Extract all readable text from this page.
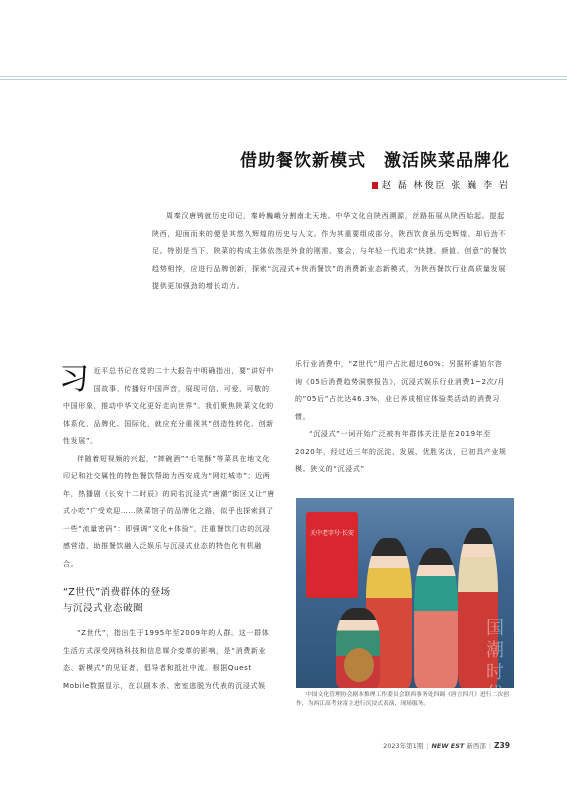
借助餐饮新模式　激活陕菜品牌化
赵 磊 林俊臣 张 巍 李 岩
周秦汉唐铸就历史印记，秦岭巍峨分割南北天地。中华文化自陕西溯源，丝路拓展从陕西始起。提起陕西，迎面而来的便是其悠久辉煌的历史与人文。作为其重要组成部分，陕西饮食虽历史辉煌，却后劲不足。特别是当下，陕菜的构成主体依然是外食的刚需、宴会，与年轻一代追求“快捷、颜值、创意”的餐饮趋势相悖，应进行品牌创新，探索“沉浸式+快消餐饮”的消费新业态新模式，为陕西餐饮行业高质量发展提供更加强劲的增长动力。

习近平总书记在党的二十大报告中明确指出，要“讲好中国故事、传播好中国声音，展现可信、可爱、可敬的中国形象，推动中华文化更好走向世界”。我们聚焦陕菜文化的体系化、品牌化、国际化，就应充分重视其“创造性转化、创新性发展”。

伴随着短视频的兴起，“摔碗酒”“毛笔酥”等菜具在地文化印记和社交属性的特色餐饮帮助力西安成为“网红城市”；近两年，热播剧《长安十二时辰》的同名沉浸式“唐潮”街区又让“唐式小吃”广受欢迎……陕菜馆子的品牌化之路，似乎也探索到了一些“流量密码”：即强调“文化+体验”，注重餐饮门店的沉浸感营造，助推餐饮融入泛娱乐与沉浸式业态的特色化有机融合。

“Z世代”消费群体的登场
与沉浸式业态破圈

“Z世代”，指出生于1995年至2009年的人群。这一群体生活方式深受网络科技和信息媒介变革的影响，是“消费新业态、新模式”的见证者、倡导者和抵社中流。根据Quest Mobile数据显示，在以剧本杀、密室逃脱为代表的沉浸式娱

乐行业消费中，“Z世代”用户占比超过60%；另据杯睿铂尔咨询《05后消费趋势洞察报告》，沉浸式娱乐行业消费1~2次/月的“05后”占比达46.3%，业已养成相应体验类活动的消费习惯。

“沉浸式”一词开始广泛被有年群体关注是在2019年至2020年，经过近三年的沉淀、发展、优胜劣汰，已初具产业规模。狭义的“沉浸式”

关中老字号·长安
国 潮 时 代
中国文化管理协会剧本推理工作委员会联西事务处四调《唐言四月》进行二次创作，为西江高考业寄主进行沉浸式表演、现场服务。
2023年第1期 | NEW EST 新西部 | Z39
